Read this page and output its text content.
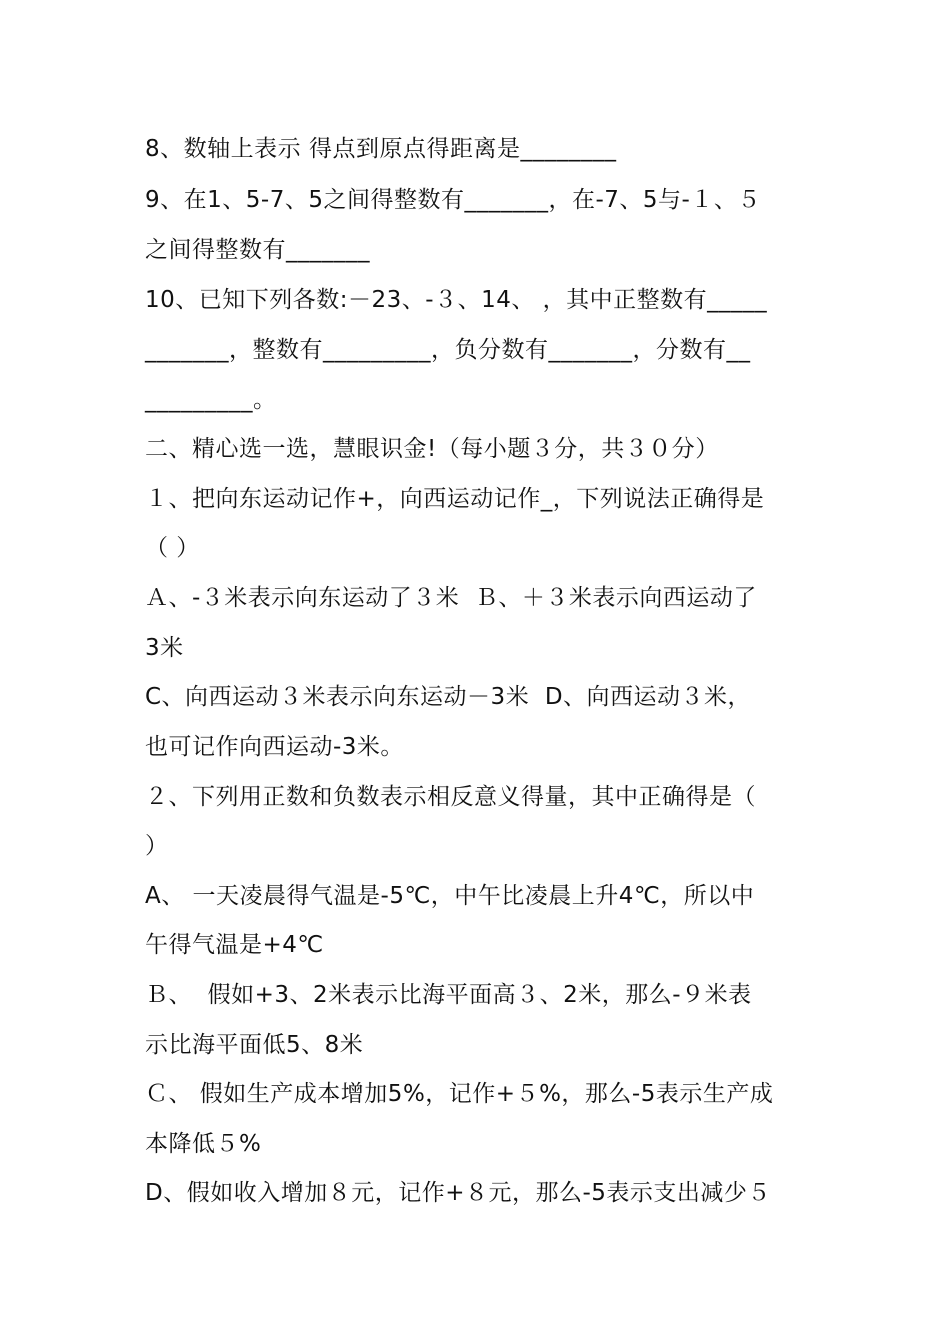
8、数轴上表示 得点到原点得距离是________

9、在1、5-7、5之间得整数有_______，在-7、5与-１、５

之间得整数有_______

10、已知下列各数:－23、-３、14、 ，其中正整数有_____

_______，整数有_________，负分数有_______，分数有__

_________。

二、精心选一选，慧眼识金!（每小题３分，共３０分）

１、把向东运动记作+，向西运动记作_，下列说法正确得是

（ ）

Ａ、-３米表示向东运动了３米  Ｂ、＋３米表示向西运动了

3米

C、向西运动３米表示向东运动－3米  D、向西运动３米，

也可记作向西运动-3米。

２、下列用正数和负数表示相反意义得量，其中正确得是（

）

A、 一天凌晨得气温是-5℃，中午比凌晨上升4℃，所以中

午得气温是+4℃

Ｂ、  假如+3、2米表示比海平面高３、2米，那么-９米表

示比海平面低5、8米

Ｃ、 假如生产成本增加5%，记作+５%，那么-5表示生产成

本降低５%

D、假如收入增加８元，记作+８元，那么-5表示支出减少５
